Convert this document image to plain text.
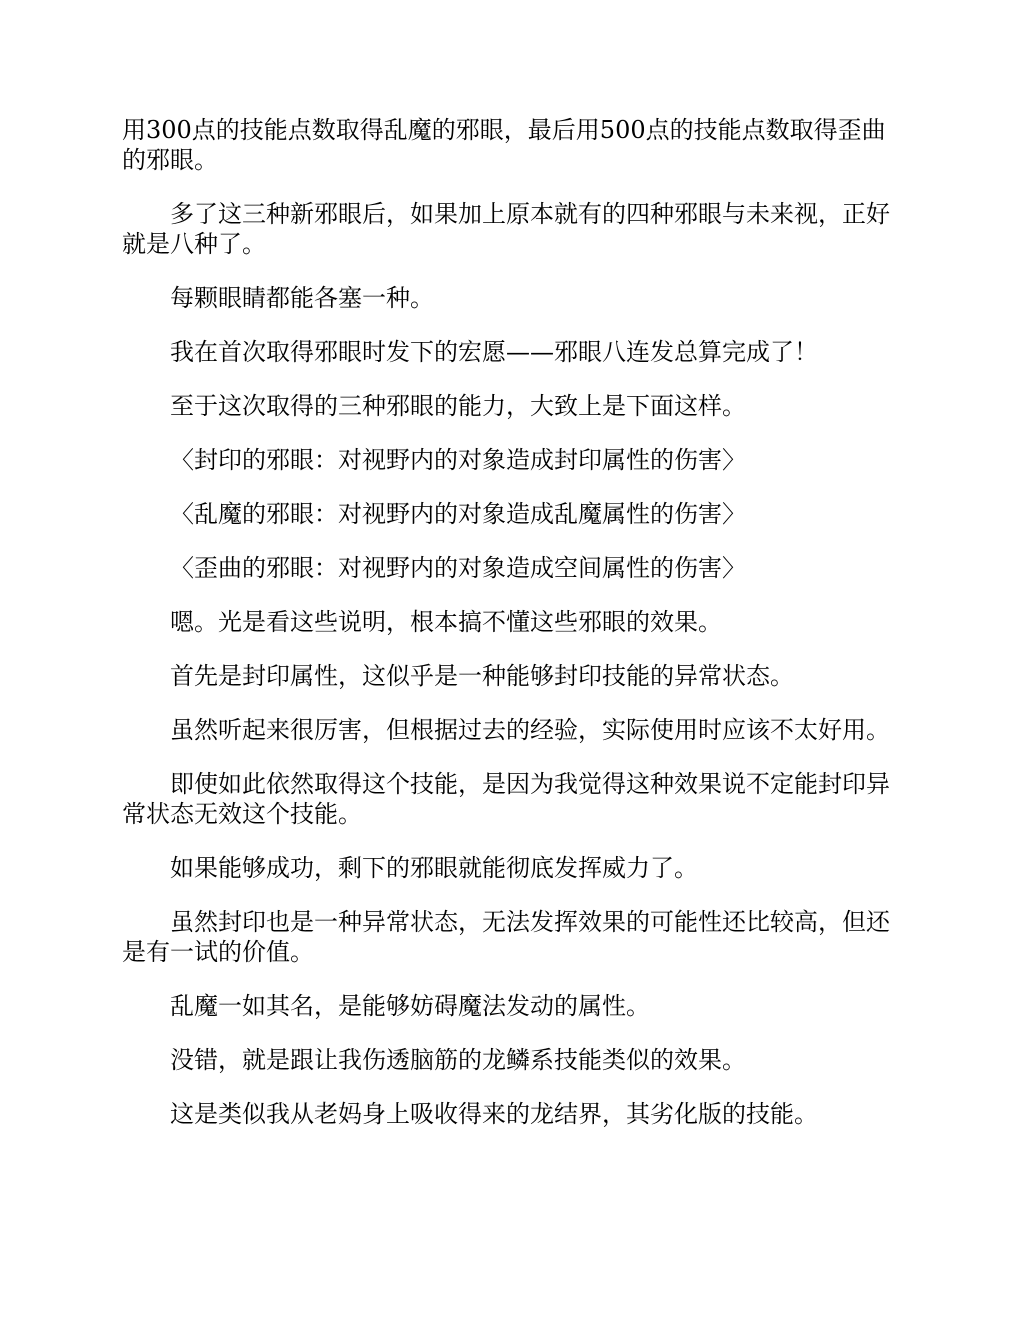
用300点的技能点数取得乱魔的邪眼，最后用500点的技能点数取得歪曲的邪眼。

多了这三种新邪眼后，如果加上原本就有的四种邪眼与未来视，正好就是八种了。

每颗眼睛都能各塞一种。

我在首次取得邪眼时发下的宏愿——邪眼八连发总算完成了！

至于这次取得的三种邪眼的能力，大致上是下面这样。

〈封印的邪眼：对视野内的对象造成封印属性的伤害〉

〈乱魔的邪眼：对视野内的对象造成乱魔属性的伤害〉

〈歪曲的邪眼：对视野内的对象造成空间属性的伤害〉

嗯。光是看这些说明，根本搞不懂这些邪眼的效果。

首先是封印属性，这似乎是一种能够封印技能的异常状态。

虽然听起来很厉害，但根据过去的经验，实际使用时应该不太好用。

即使如此依然取得这个技能，是因为我觉得这种效果说不定能封印异常状态无效这个技能。

如果能够成功，剩下的邪眼就能彻底发挥威力了。

虽然封印也是一种异常状态，无法发挥效果的可能性还比较高，但还是有一试的价值。

乱魔一如其名，是能够妨碍魔法发动的属性。

没错，就是跟让我伤透脑筋的龙鳞系技能类似的效果。

这是类似我从老妈身上吸收得来的龙结界，其劣化版的技能。
